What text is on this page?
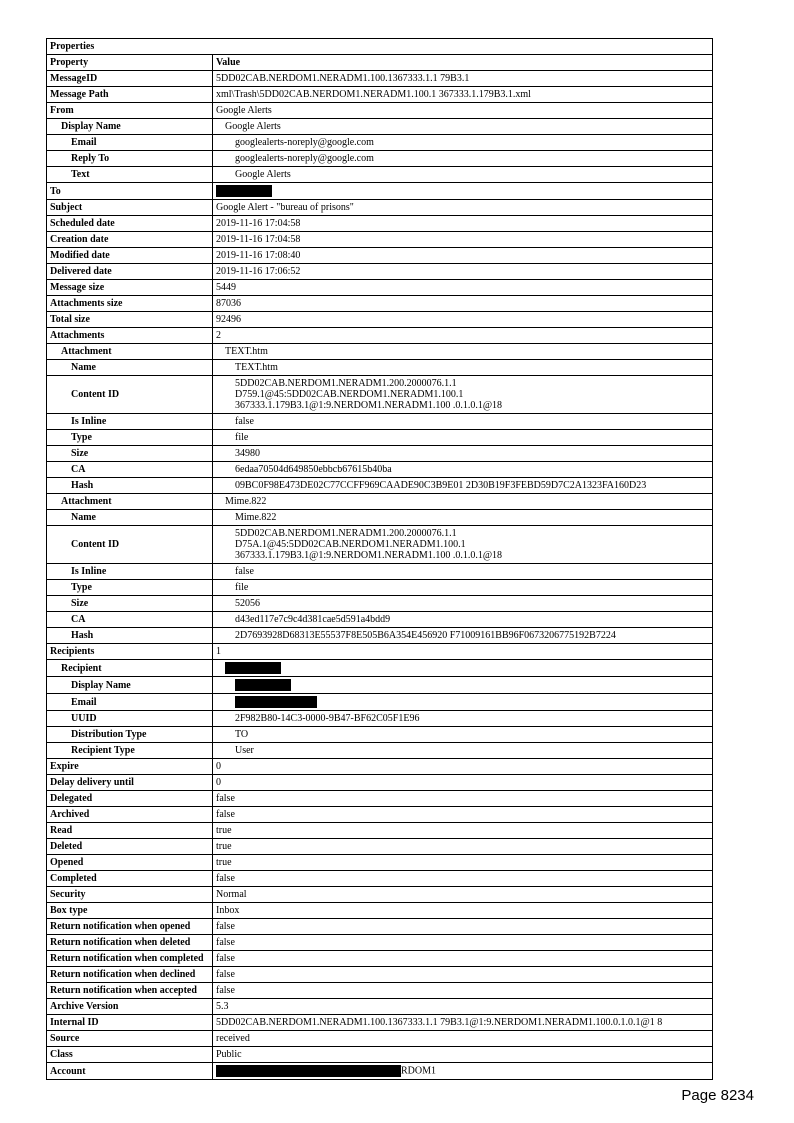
Properties	
Property	Value
MessageID	5DD02CAB.NERDOM1.NERADM1.100.1367333.1.1 79B3.1
Message Path	xml\Trash\5DD02CAB.NERDOM1.NERADM1.100.1 367333.1.179B3.1.xml
From	Google Alerts
Display Name	Google Alerts
Email	googlealerts-noreply@google.com
Reply To	googlealerts-noreply@google.com
Text	Google Alerts
To	
Subject	Google Alert - "bureau of prisons"
Scheduled date	2019-11-16 17:04:58
Creation date	2019-11-16 17:04:58
Modified date	2019-11-16 17:08:40
Delivered date	2019-11-16 17:06:52
Message size	5449
Attachments size	87036
Total size	92496
Attachments	2
Attachment	TEXT.htm
Name	TEXT.htm
Content ID	5DD02CAB.NERDOM1.NERADM1.200.2000076.1.1
D759.1@45:5DD02CAB.NERDOM1.NERADM1.100.1
367333.1.179B3.1@1:9.NERDOM1.NERADM1.100 .0.1.0.1@18
Is Inline	false
Type	file
Size	34980
CA	6edaa70504d649850ebbcb67615b40ba
Hash	09BC0F98E473DE02C77CCFF969CAADE90C3B9E01 2D30B19F3FEBD59D7C2A1323FA160D23
Attachment	Mime.822
Name	Mime.822
Content ID	5DD02CAB.NERDOM1.NERADM1.200.2000076.1.1
D75A.1@45:5DD02CAB.NERDOM1.NERADM1.100.1
367333.1.179B3.1@1:9.NERDOM1.NERADM1.100 .0.1.0.1@18
Is Inline	false
Type	file
Size	52056
CA	d43ed117e7c9c4d381cae5d591a4bdd9
Hash	2D7693928D68313E55537F8E505B6A354E456920 F71009161BB96F0673206775192B7224
Recipients	1
Recipient	
Display Name	
Email	
UUID	2F982B80-14C3-0000-9B47-BF62C05F1E96
Distribution Type	TO
Recipient Type	User
Expire	0
Delay delivery until	0
Delegated	false
Archived	false
Read	true
Deleted	true
Opened	true
Completed	false
Security	Normal
Box type	Inbox
Return notification when opened	false
Return notification when deleted	false
Return notification when completed	false
Return notification when declined	false
Return notification when accepted	false
Archive Version	5.3
Internal ID	5DD02CAB.NERDOM1.NERADM1.100.1367333.1.1 79B3.1@1:9.NERDOM1.NERADM1.100.0.1.0.1@1 8
Source	received
Class	Public
Account	RDOM1
Page 8234
